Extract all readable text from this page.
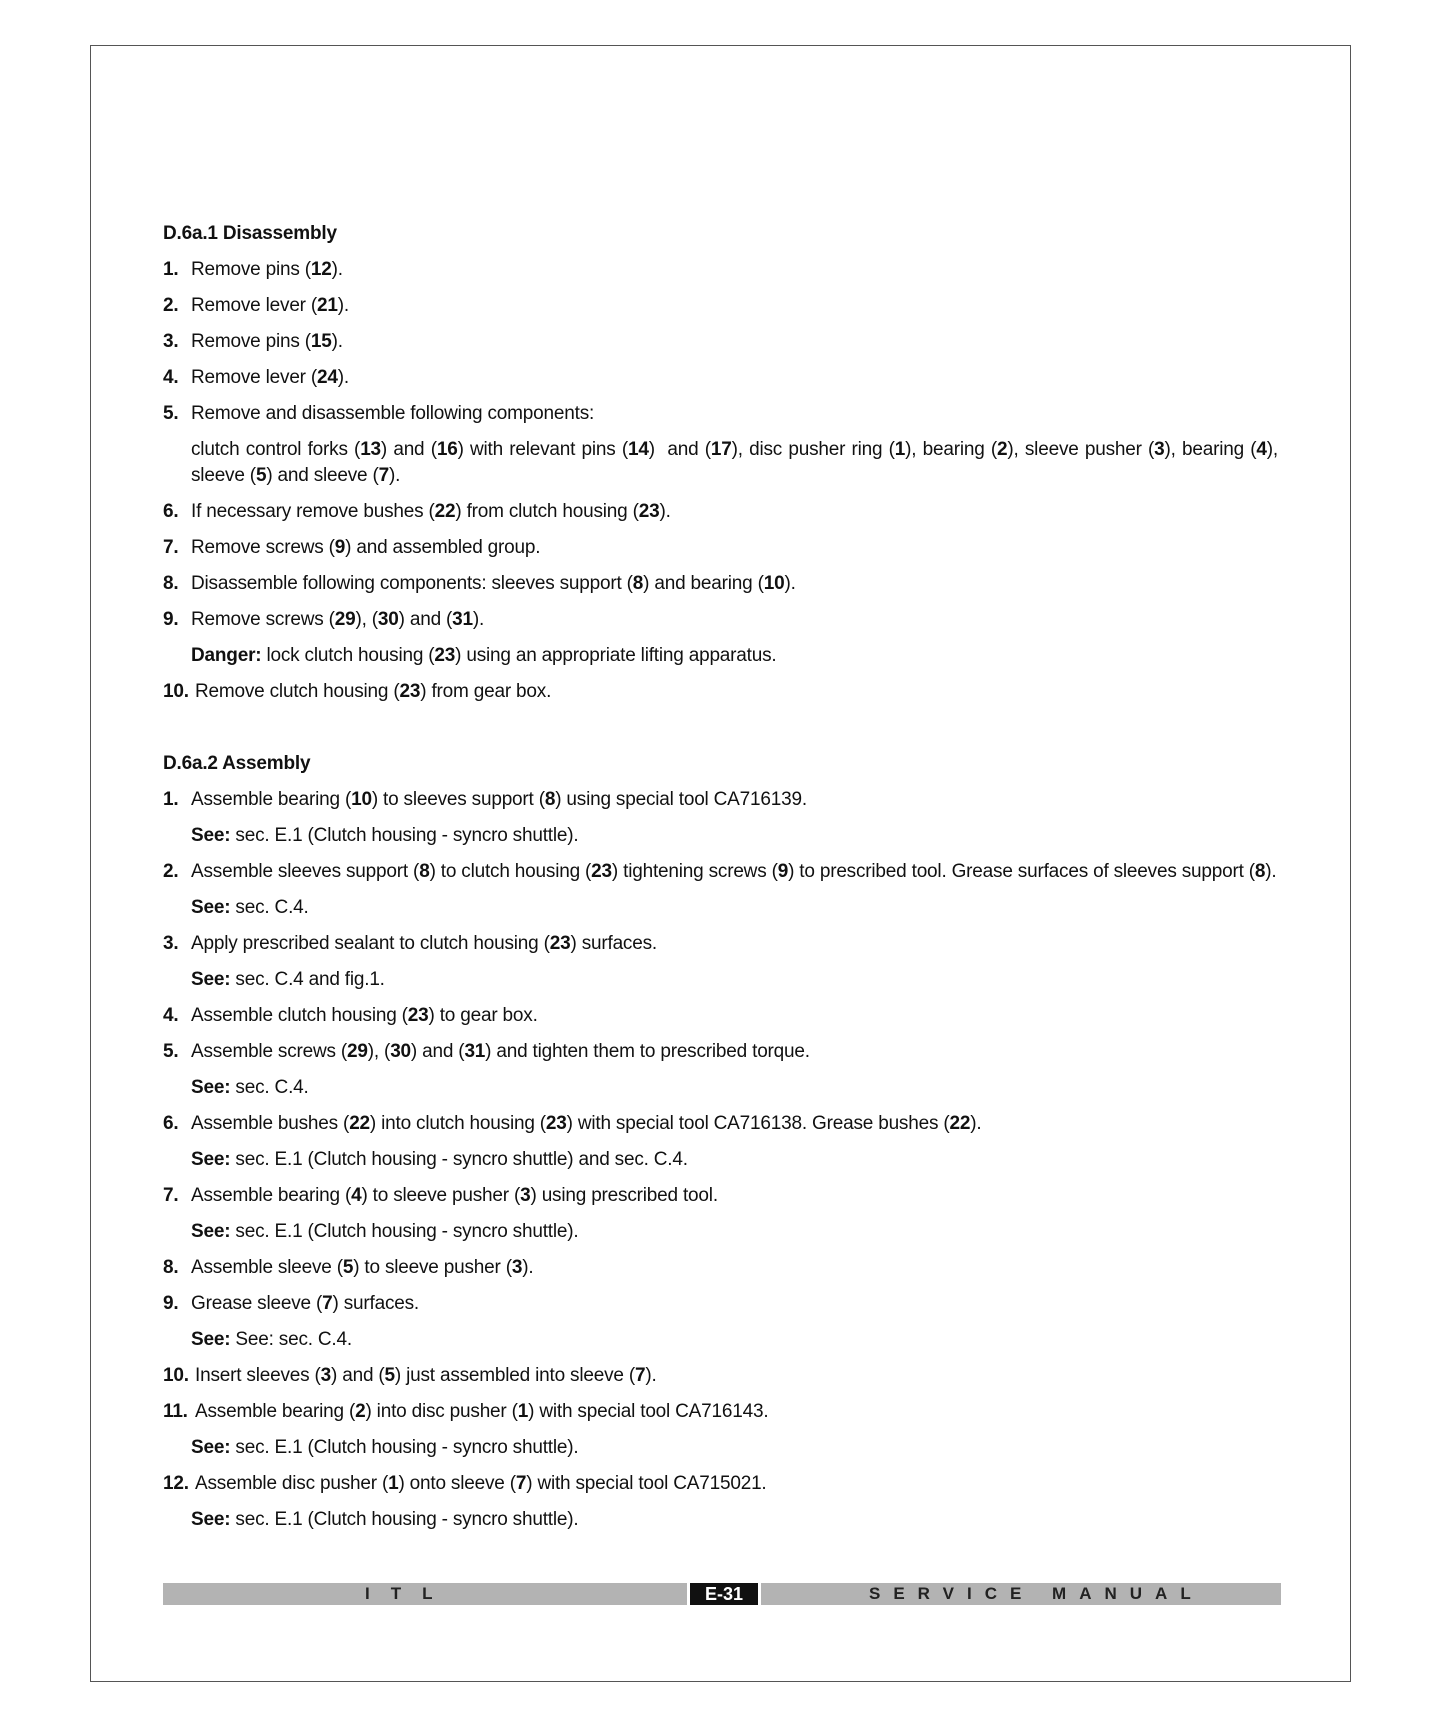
D.6a.1 Disassembly
1. Remove pins (12).
2. Remove lever (21).
3. Remove pins (15).
4. Remove lever (24).
5. Remove and disassemble following components:
clutch control forks (13) and (16) with relevant pins (14)  and (17), disc pusher ring (1), bearing (2), sleeve pusher (3), bearing (4), sleeve (5) and sleeve (7).
6. If necessary remove bushes (22) from clutch housing (23).
7. Remove screws (9) and assembled group.
8. Disassemble following components: sleeves support (8) and bearing (10).
9. Remove screws (29), (30) and (31).
Danger: lock clutch housing (23) using an appropriate lifting apparatus.
10. Remove clutch housing (23) from gear box.
D.6a.2 Assembly
1. Assemble bearing (10) to sleeves support (8) using special tool CA716139.
See: sec. E.1 (Clutch housing - syncro shuttle).
2. Assemble sleeves support (8) to clutch housing (23) tightening screws (9) to prescribed tool. Grease surfaces of sleeves support (8).
See: sec. C.4.
3. Apply prescribed sealant to clutch housing (23) surfaces.
See: sec. C.4 and fig.1.
4. Assemble clutch housing (23) to gear box.
5. Assemble screws (29), (30) and (31) and tighten them to prescribed torque.
See: sec. C.4.
6. Assemble bushes (22) into clutch housing (23) with special tool CA716138. Grease bushes (22).
See: sec. E.1 (Clutch housing - syncro shuttle) and sec. C.4.
7. Assemble bearing (4) to sleeve pusher (3) using prescribed tool.
See: sec. E.1 (Clutch housing - syncro shuttle).
8. Assemble sleeve (5) to sleeve pusher (3).
9. Grease sleeve (7) surfaces.
See: See: sec. C.4.
10. Insert sleeves (3) and (5) just assembled into sleeve (7).
11. Assemble bearing (2) into disc pusher (1) with special tool CA716143.
See: sec. E.1 (Clutch housing - syncro shuttle).
12. Assemble disc pusher (1) onto sleeve (7) with special tool CA715021.
See: sec. E.1 (Clutch housing - syncro shuttle).
ITL	E-31	SERVICE MANUAL
